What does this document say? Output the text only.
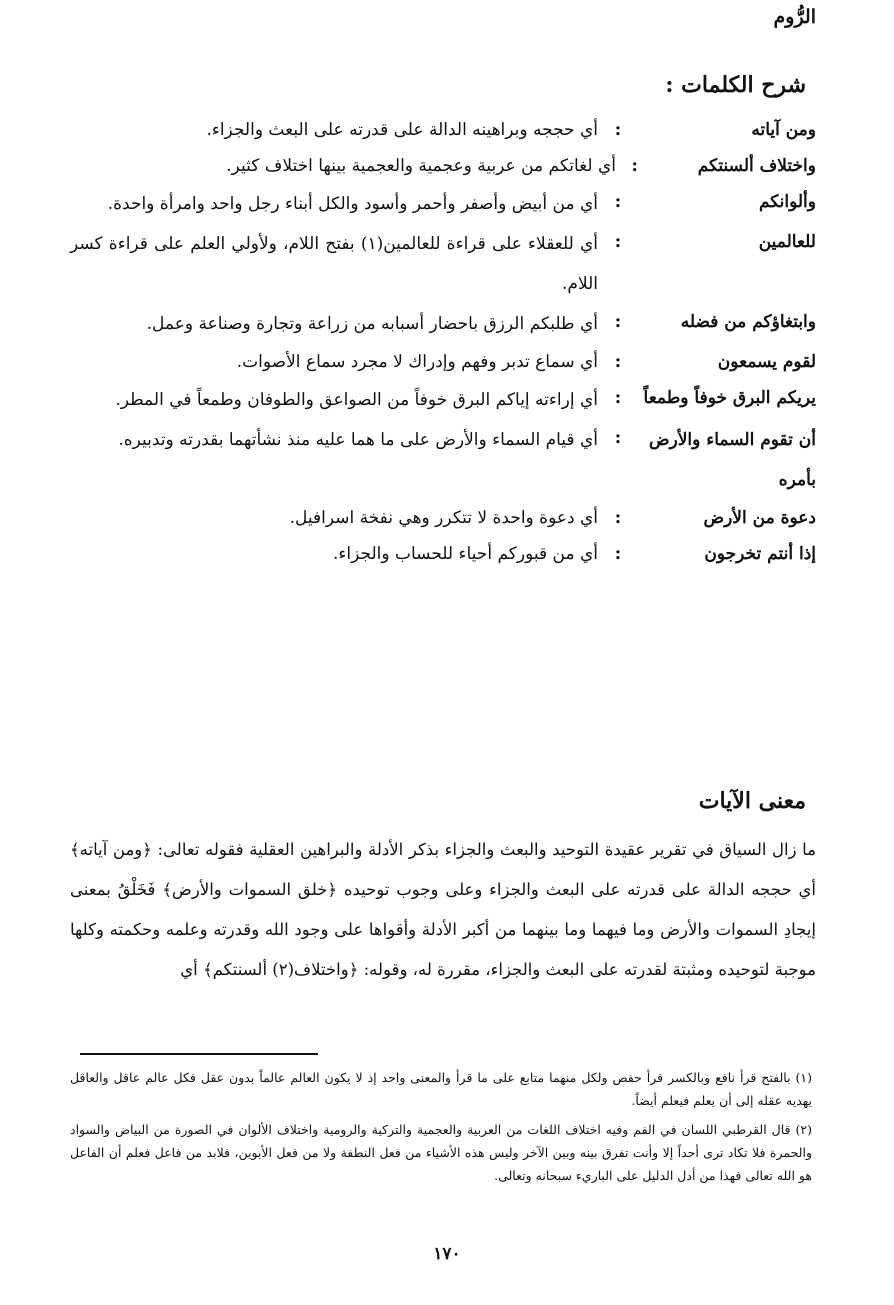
الرُّوم
شرح الكلمات :
ومن آياته
:
أي حججه وبراهينه الدالة على قدرته على البعث والجزاء.
واختلاف ألسنتكم
:
أي لغاتكم من عربية وعجمية والعجمية بينها اختلاف كثير.
وألوانكم
:
أي من أبيض وأصفر وأحمر وأسود والكل أبناء رجل واحد وامرأة واحدة.
للعالمين
:
أي للعقلاء على قراءة للعالمين(١) بفتح اللام، ولأولي العلم على قراءة كسر اللام.
وابتغاؤكم من فضله
:
أي طلبكم الرزق باحضار أسبابه من زراعة وتجارة وصناعة وعمل.
لقوم يسمعون
:
أي سماع تدبر وفهم وإدراك لا مجرد سماع الأصوات.
يريكم البرق خوفاً وطمعاً
:
أي إراءته إياكم البرق خوفاً من الصواعق والطوفان وطمعاً في المطر.
أن تقوم السماء والأرض بأمره
:
أي قيام السماء والأرض على ما هما عليه منذ نشأتهما بقدرته وتدبيره.
دعوة من الأرض
:
أي دعوة واحدة لا تتكرر وهي نفخة اسرافيل.
إذا أنتم تخرجون
:
أي من قبوركم أحياء للحساب والجزاء.
معنى الآيات
ما زال السياق في تقرير عقيدة التوحيد والبعث والجزاء بذكر الأدلة والبراهين العقلية فقوله تعالى: ﴿ومن آياته﴾ أي حججه الدالة على قدرته على البعث والجزاء وعلى وجوب توحيده ﴿خلق السموات والأرض﴾ فَخَلْقُ بمعنى إيجادِ السموات والأرض وما فيهما وما بينهما من أكبر الأدلة وأقواها على وجود الله وقدرته وعلمه وحكمته وكلها موجبة لتوحيده ومثبتة لقدرته على البعث والجزاء، مقررة له، وقوله: ﴿واختلاف(٢) ألسنتكم﴾ أي

(١) بالفتح قرأ نافع وبالكسر قرأ حفص ولكل منهما متابع على ما قرأ والمعنى واحد إذ لا يكون العالم عالماً بدون عقل فكل عالم عاقل والعاقل يهديه عقله إلى أن يعلم فيعلم أيضاً.

(٢) قال القرطبي اللسان في الفم وفيه اختلاف اللغات من العربية والعجمية والتركية والرومية واختلاف الألوان في الصورة من البياض والسواد والحمرة فلا تكاد ترى أحداً إلا وأنت تفرق بينه وبين الآخر وليس هذه الأشياء من فعل النطفة ولا من فعل الأبوين، فلابد من فاعل فعلم أن الفاعل هو الله تعالى فهذا من أدل الدليل على الباريء سبحانه وتعالى.

١٧٠
